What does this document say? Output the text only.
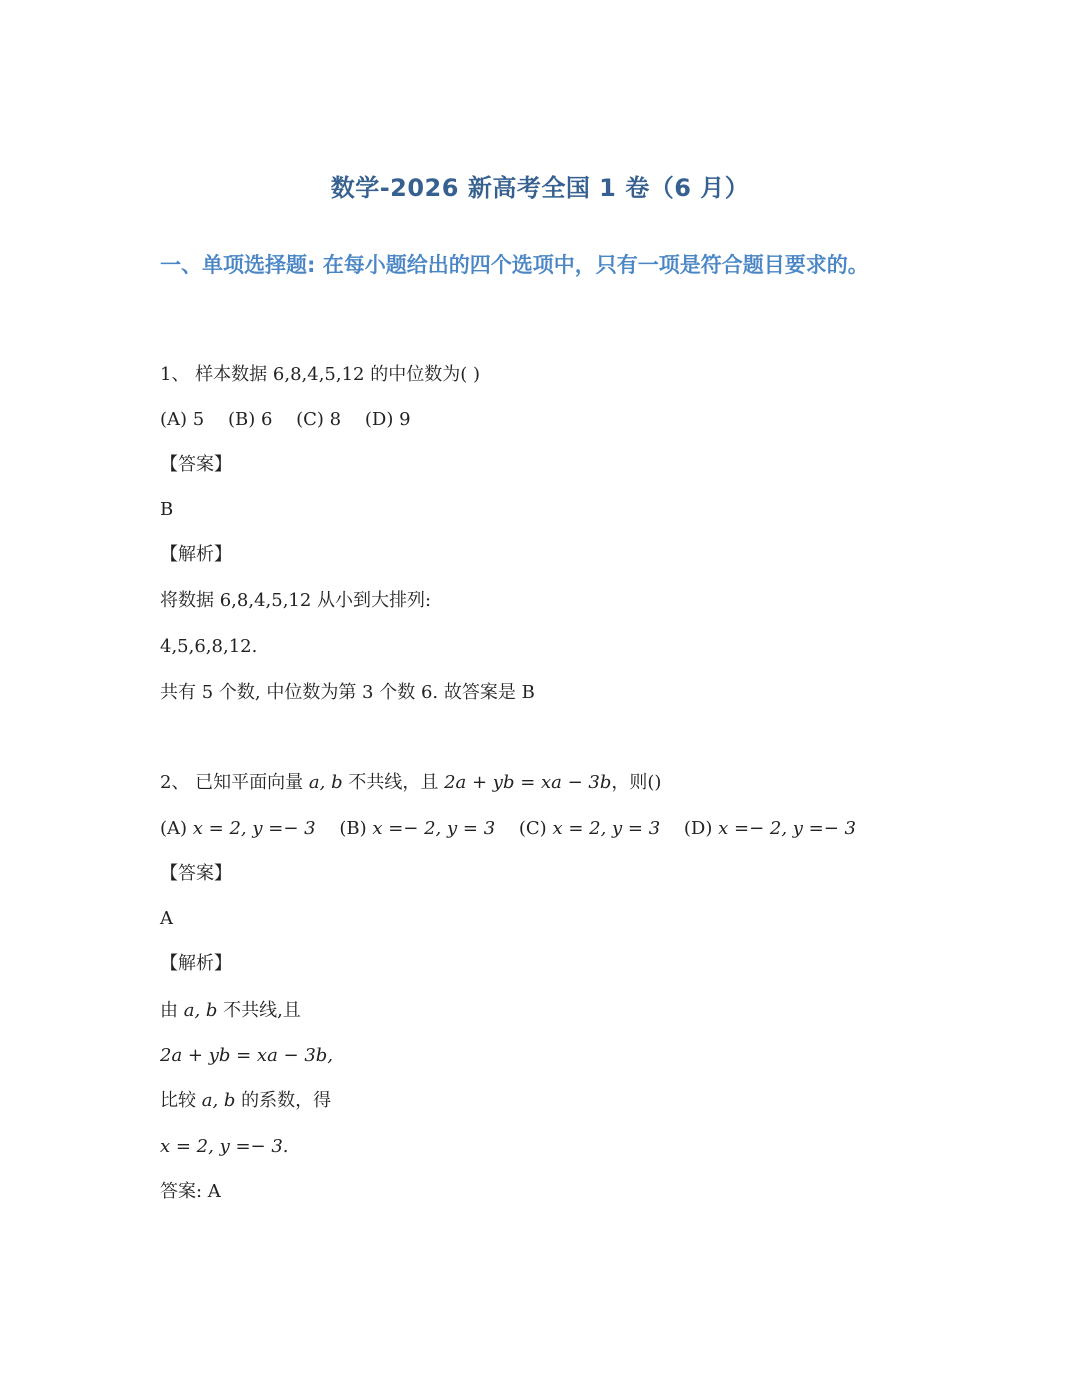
数学-2026 新高考全国 1 卷（6 月）
一、单项选择题: 在每小题给出的四个选项中，只有一项是符合题目要求的。
1、 样本数据 6,8,4,5,12 的中位数为( )
(A) 5 (B) 6 (C) 8 (D) 9
【答案】
B
【解析】
将数据 6,8,4,5,12 从小到大排列:
4,5,6,8,12.
共有 5 个数, 中位数为第 3 个数 6. 故答案是 B
2、 已知平面向量 a, b 不共线，且 2a + yb = xa − 3b，则()
(A) x = 2, y =− 3 (B) x =− 2, y = 3 (C) x = 2, y = 3 (D) x =− 2, y =− 3
【答案】
A
【解析】
由 a, b 不共线,且
2a + yb = xa − 3b,
比较 a, b 的系数，得
x = 2, y =− 3.
答案: A
